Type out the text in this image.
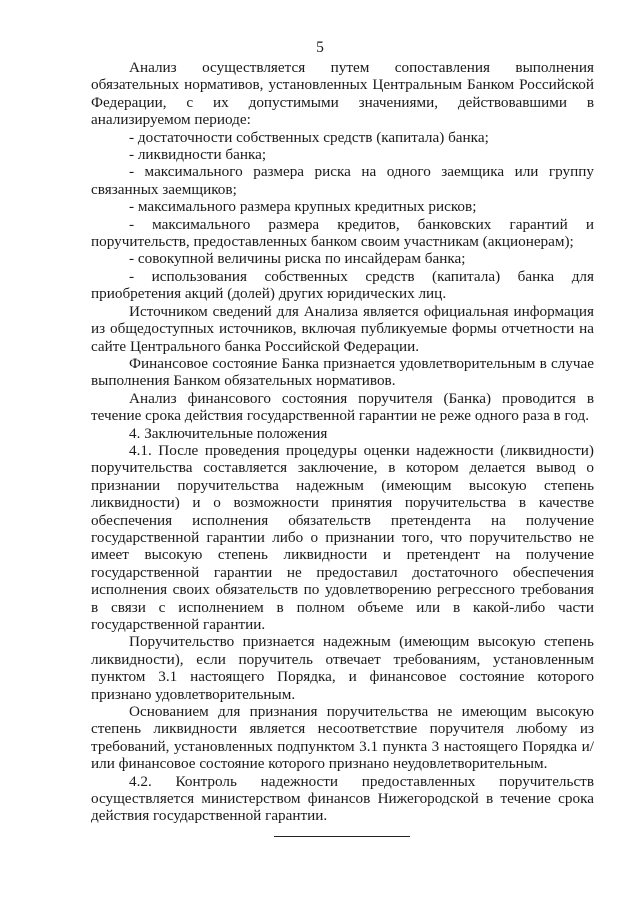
5

Анализ осуществляется путем сопоставления выполнения обязательных нормативов, установленных Центральным Банком Российской Федерации, с их допустимыми значениями, действовавшими в анализируемом периоде:

- достаточности собственных средств (капитала) банка;

- ликвидности банка;

- максимального размера риска на одного заемщика или группу связанных заемщиков;

- максимального размера крупных кредитных рисков;

- максимального размера кредитов, банковских гарантий и поручительств, предоставленных банком своим участникам (акционерам);

- совокупной величины риска по инсайдерам банка;

- использования собственных средств (капитала) банка для приобретения акций (долей) других юридических лиц.

Источником сведений для Анализа является официальная информация из общедоступных источников, включая публикуемые формы отчетности на сайте Центрального банка Российской Федерации.

Финансовое состояние Банка признается удовлетворительным в случае выполнения Банком обязательных нормативов.

Анализ финансового состояния поручителя (Банка) проводится в течение срока действия государственной гарантии не реже одного раза в год.

4. Заключительные положения

4.1. После проведения процедуры оценки надежности (ликвидности) поручительства составляется заключение, в котором делается вывод о признании поручительства надежным (имеющим высокую степень ликвидности) и о возможности принятия поручительства в качестве обеспечения исполнения обязательств претендента на получение государственной гарантии либо о признании того, что поручительство не имеет высокую степень ликвидности и претендент на получение государственной гарантии не предоставил достаточного обеспечения исполнения своих обязательств по удовлетворению регрессного требования в связи с исполнением в полном объеме или в какой-либо части государственной гарантии.

Поручительство признается надежным (имеющим высокую степень ликвидности), если поручитель отвечает требованиям, установленным пунктом 3.1 настоящего Порядка, и финансовое состояние которого признано удовлетворительным.

Основанием для признания поручительства не имеющим высокую степень ликвидности является несоответствие поручителя любому из требований, установленных подпунктом 3.1 пункта 3 настоящего Порядка и/или финансовое состояние которого признано неудовлетворительным.

4.2. Контроль надежности предоставленных поручительств осуществляется министерством финансов Нижегородской в течение срока действия государственной гарантии.
